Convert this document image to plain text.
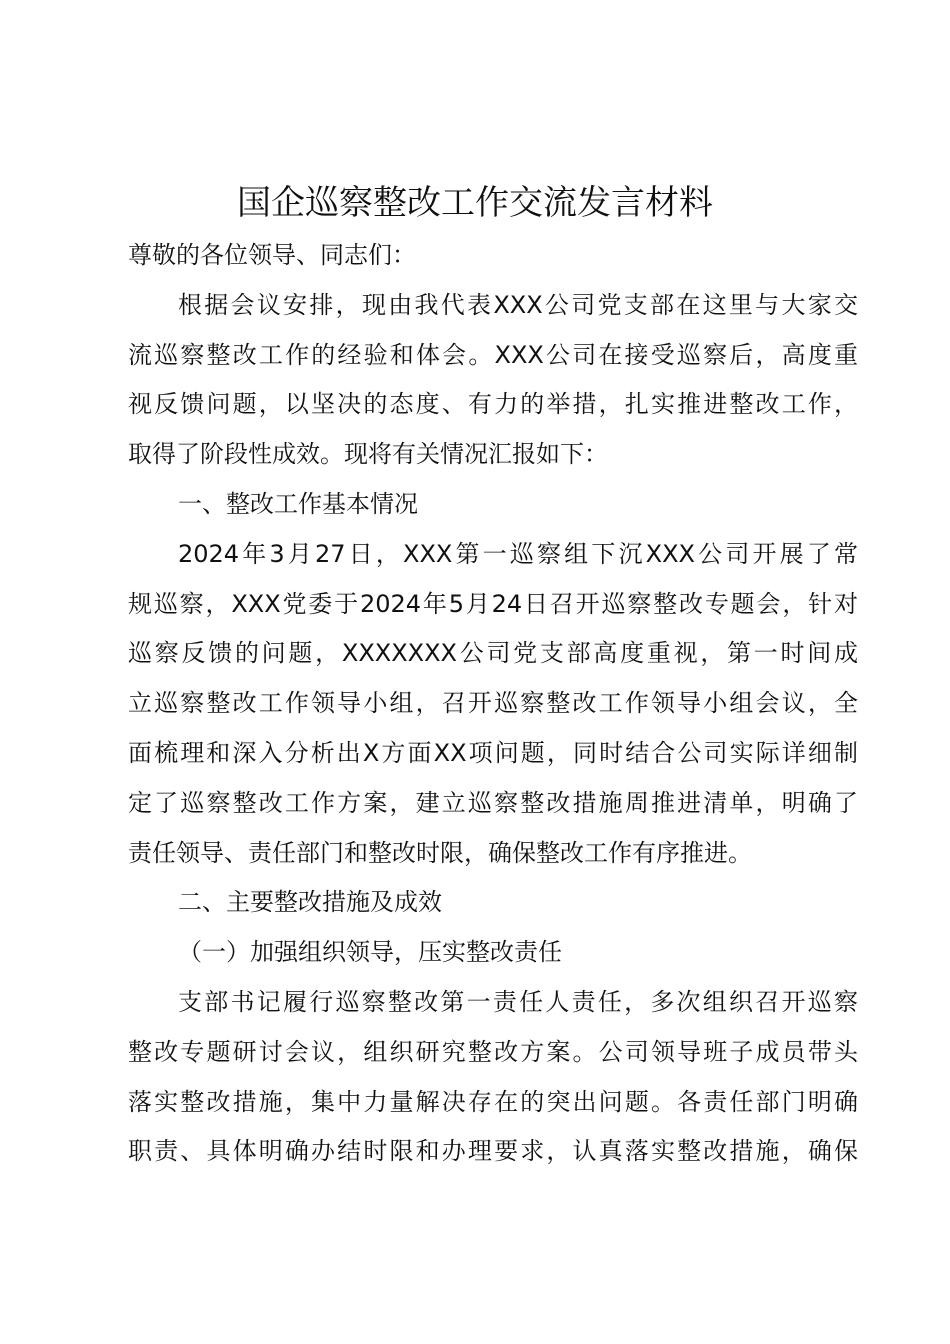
国企巡察整改工作交流发言材料
尊敬的各位领导、同志们：
根据会议安排，现由我代表XXX公司党支部在这里与大家交
流巡察整改工作的经验和体会。XXX公司在接受巡察后，高度重
视反馈问题，以坚决的态度、有力的举措，扎实推进整改工作，
取得了阶段性成效。现将有关情况汇报如下：
一、整改工作基本情况
2024年3月27日，XXX第一巡察组下沉XXX公司开展了常
规巡察，XXX党委于2024年5月24日召开巡察整改专题会，针对
巡察反馈的问题，XXXXXXX公司党支部高度重视，第一时间成
立巡察整改工作领导小组，召开巡察整改工作领导小组会议，全
面梳理和深入分析出X方面XX项问题，同时结合公司实际详细制
定了巡察整改工作方案，建立巡察整改措施周推进清单，明确了
责任领导、责任部门和整改时限，确保整改工作有序推进。
二、主要整改措施及成效
（一）加强组织领导，压实整改责任
支部书记履行巡察整改第一责任人责任，多次组织召开巡察
整改专题研讨会议，组织研究整改方案。公司领导班子成员带头
落实整改措施，集中力量解决存在的突出问题。各责任部门明确
职责、具体明确办结时限和办理要求，认真落实整改措施，确保
